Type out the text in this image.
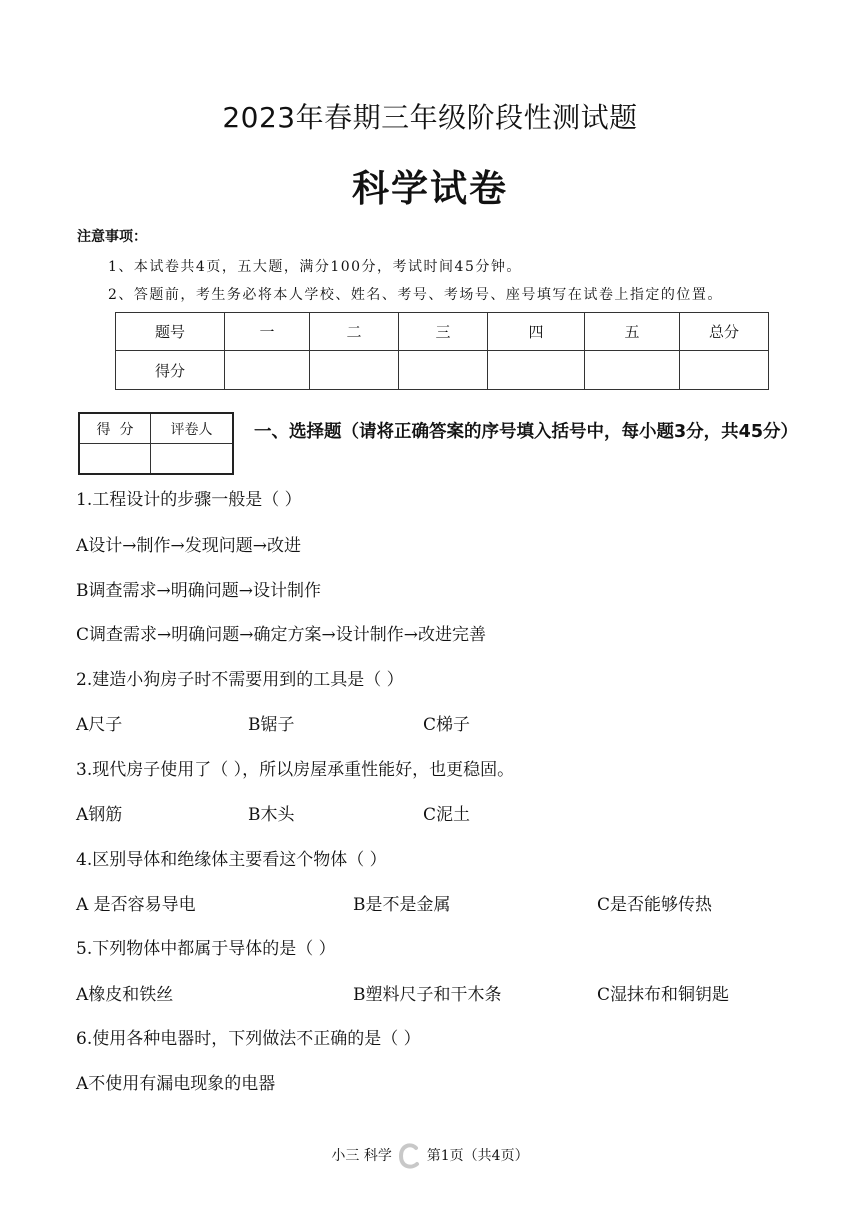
2023年春期三年级阶段性测试题
科学试卷
注意事项：
1、本试卷共4页，五大题，满分100分，考试时间45分钟。
2、答题前，考生务必将本人学校、姓名、考号、考场号、座号填写在试卷上指定的位置。
题号	一	二	三	四	五	总分
得分						
得  分	评卷人
	一、选择题（请将正确答案的序号填入括号中，每小题3分，共45分）
1.工程设计的步骤一般是（ ）
A设计→制作→发现问题→改进
B调查需求→明确问题→设计制作
C调查需求→明确问题→确定方案→设计制作→改进完善
2.建造小狗房子时不需要用到的工具是（ ）
A尺子	B锯子	C梯子
3.现代房子使用了（ ），所以房屋承重性能好，也更稳固。
A钢筋	B木头	C泥土
4.区别导体和绝缘体主要看这个物体（ ）
A 是否容易导电	B是不是金属	C是否能够传热
5.下列物体中都属于导体的是（ ）
A橡皮和铁丝	B塑料尺子和干木条	C湿抹布和铜钥匙
6.使用各种电器时，下列做法不正确的是（ ）
A不使用有漏电现象的电器
小三 科学 第1页（共4页）
